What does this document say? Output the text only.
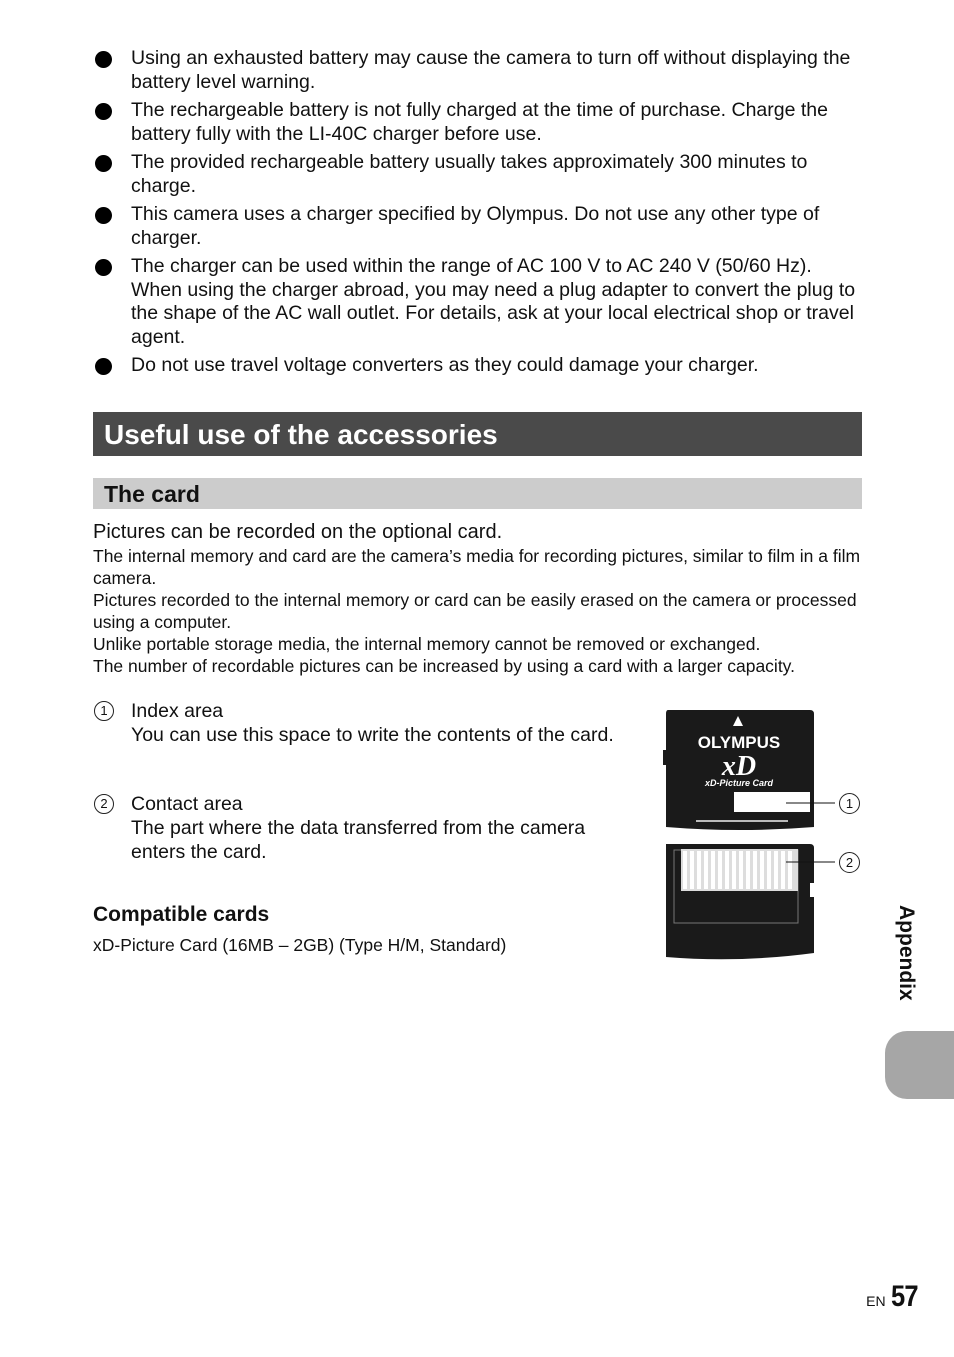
Using an exhausted battery may cause the camera to turn off without displaying the battery level warning.
The rechargeable battery is not fully charged at the time of purchase. Charge the battery fully with the LI-40C charger before use.
The provided rechargeable battery usually takes approximately 300 minutes to charge.
This camera uses a charger specified by Olympus. Do not use any other type of charger.
The charger can be used within the range of AC 100 V to AC 240 V (50/60 Hz). When using the charger abroad, you may need a plug adapter to convert the plug to the shape of the AC wall outlet. For details, ask at your local electrical shop or travel agent.
Do not use travel voltage converters as they could damage your charger.
Useful use of the accessories
The card
Pictures can be recorded on the optional card.

The internal memory and card are the camera’s media for recording pictures, similar to film in a film camera.

Pictures recorded to the internal memory or card can be easily erased on the camera or processed using a computer.

Unlike portable storage media, the internal memory cannot be removed or exchanged.

The number of recordable pictures can be increased by using a card with a larger capacity.

1	Index area
You can use this space to write the contents of the card.
2	Contact area
The part where the data transferred from the camera enters the card.
Compatible cards
xD-Picture Card (16MB – 2GB) (Type H/M, Standard)
OLYMPUS
xD
xD-Picture Card
1
2
Appendix
EN 57
